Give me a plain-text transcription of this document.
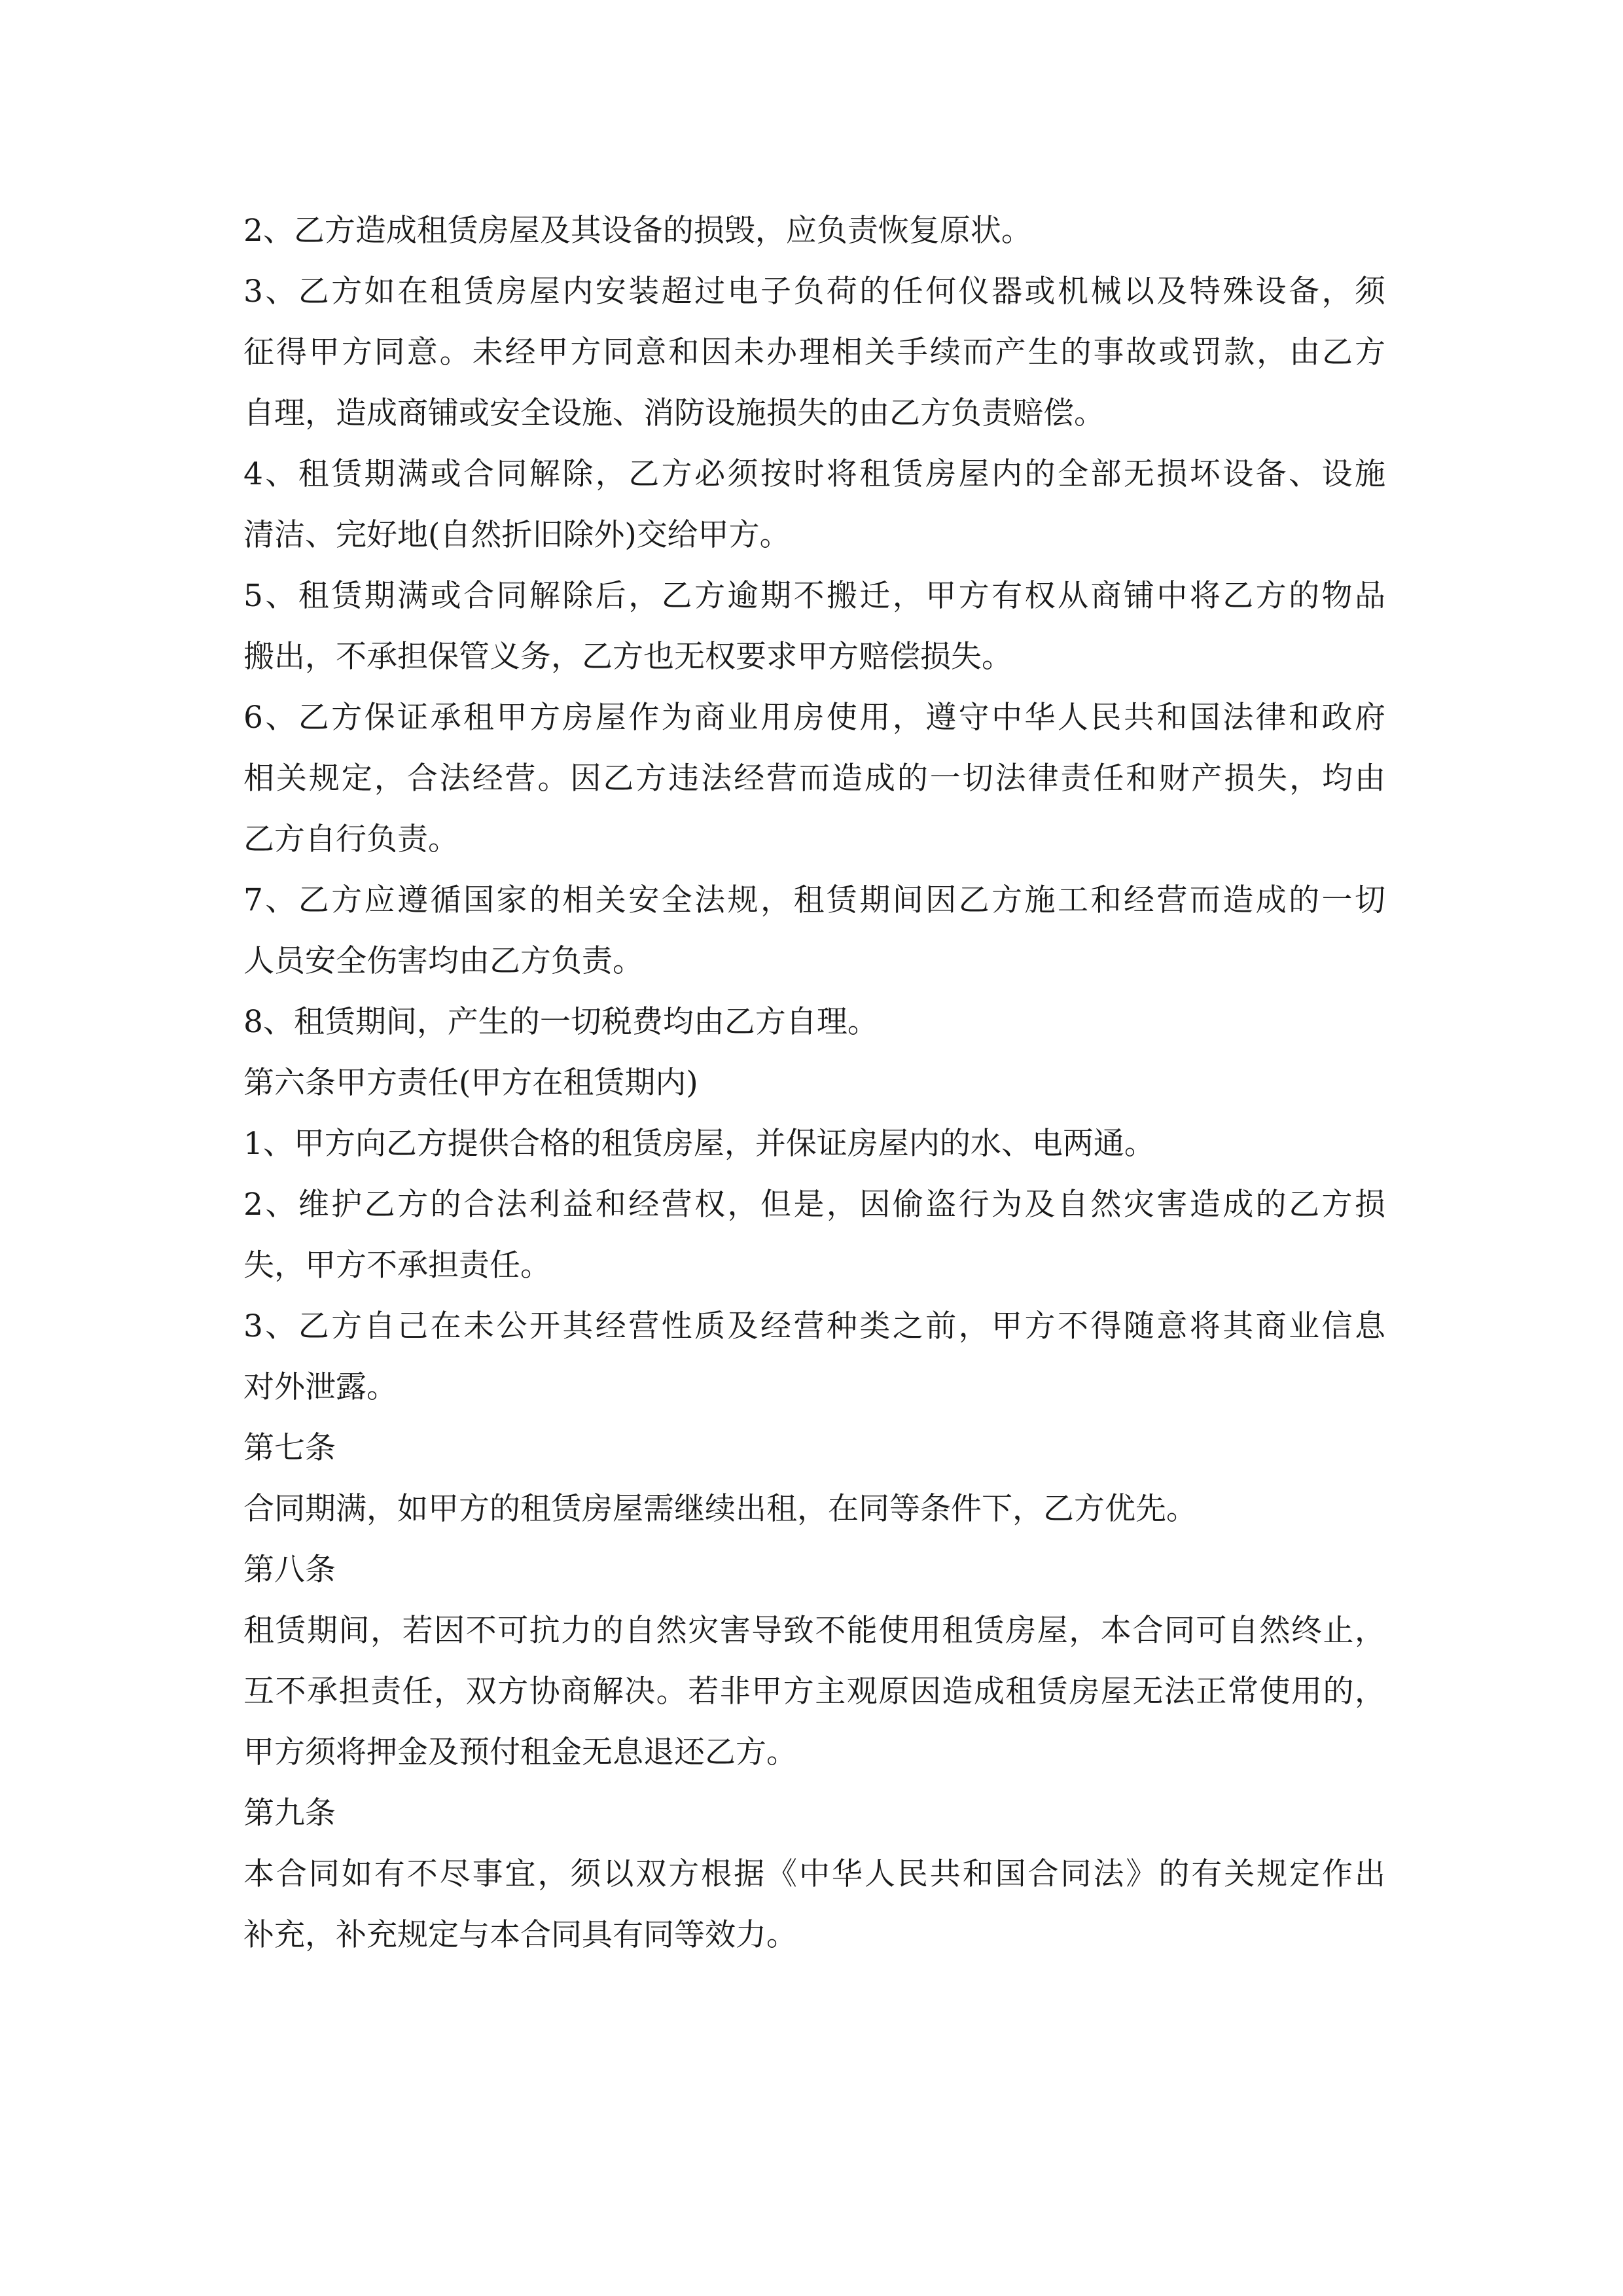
2、乙方造成租赁房屋及其设备的损毁，应负责恢复原状。

3、乙方如在租赁房屋内安装超过电子负荷的任何仪器或机械以及特殊设备，须
征得甲方同意。未经甲方同意和因未办理相关手续而产生的事故或罚款，由乙方
自理，造成商铺或安全设施、消防设施损失的由乙方负责赔偿。

4、租赁期满或合同解除，乙方必须按时将租赁房屋内的全部无损坏设备、设施
清洁、完好地(自然折旧除外)交给甲方。

5、租赁期满或合同解除后，乙方逾期不搬迁，甲方有权从商铺中将乙方的物品
搬出，不承担保管义务，乙方也无权要求甲方赔偿损失。

6、乙方保证承租甲方房屋作为商业用房使用，遵守中华人民共和国法律和政府
相关规定，合法经营。因乙方违法经营而造成的一切法律责任和财产损失，均由
乙方自行负责。

7、乙方应遵循国家的相关安全法规，租赁期间因乙方施工和经营而造成的一切
人员安全伤害均由乙方负责。

8、租赁期间，产生的一切税费均由乙方自理。

第六条甲方责任(甲方在租赁期内)

1、甲方向乙方提供合格的租赁房屋，并保证房屋内的水、电两通。

2、维护乙方的合法利益和经营权，但是，因偷盗行为及自然灾害造成的乙方损
失，甲方不承担责任。

3、乙方自己在未公开其经营性质及经营种类之前，甲方不得随意将其商业信息
对外泄露。

第七条

合同期满，如甲方的租赁房屋需继续出租，在同等条件下，乙方优先。

第八条

租赁期间，若因不可抗力的自然灾害导致不能使用租赁房屋，本合同可自然终止，
互不承担责任，双方协商解决。若非甲方主观原因造成租赁房屋无法正常使用的，
甲方须将押金及预付租金无息退还乙方。

第九条

本合同如有不尽事宜，须以双方根据《中华人民共和国合同法》的有关规定作出
补充，补充规定与本合同具有同等效力。
